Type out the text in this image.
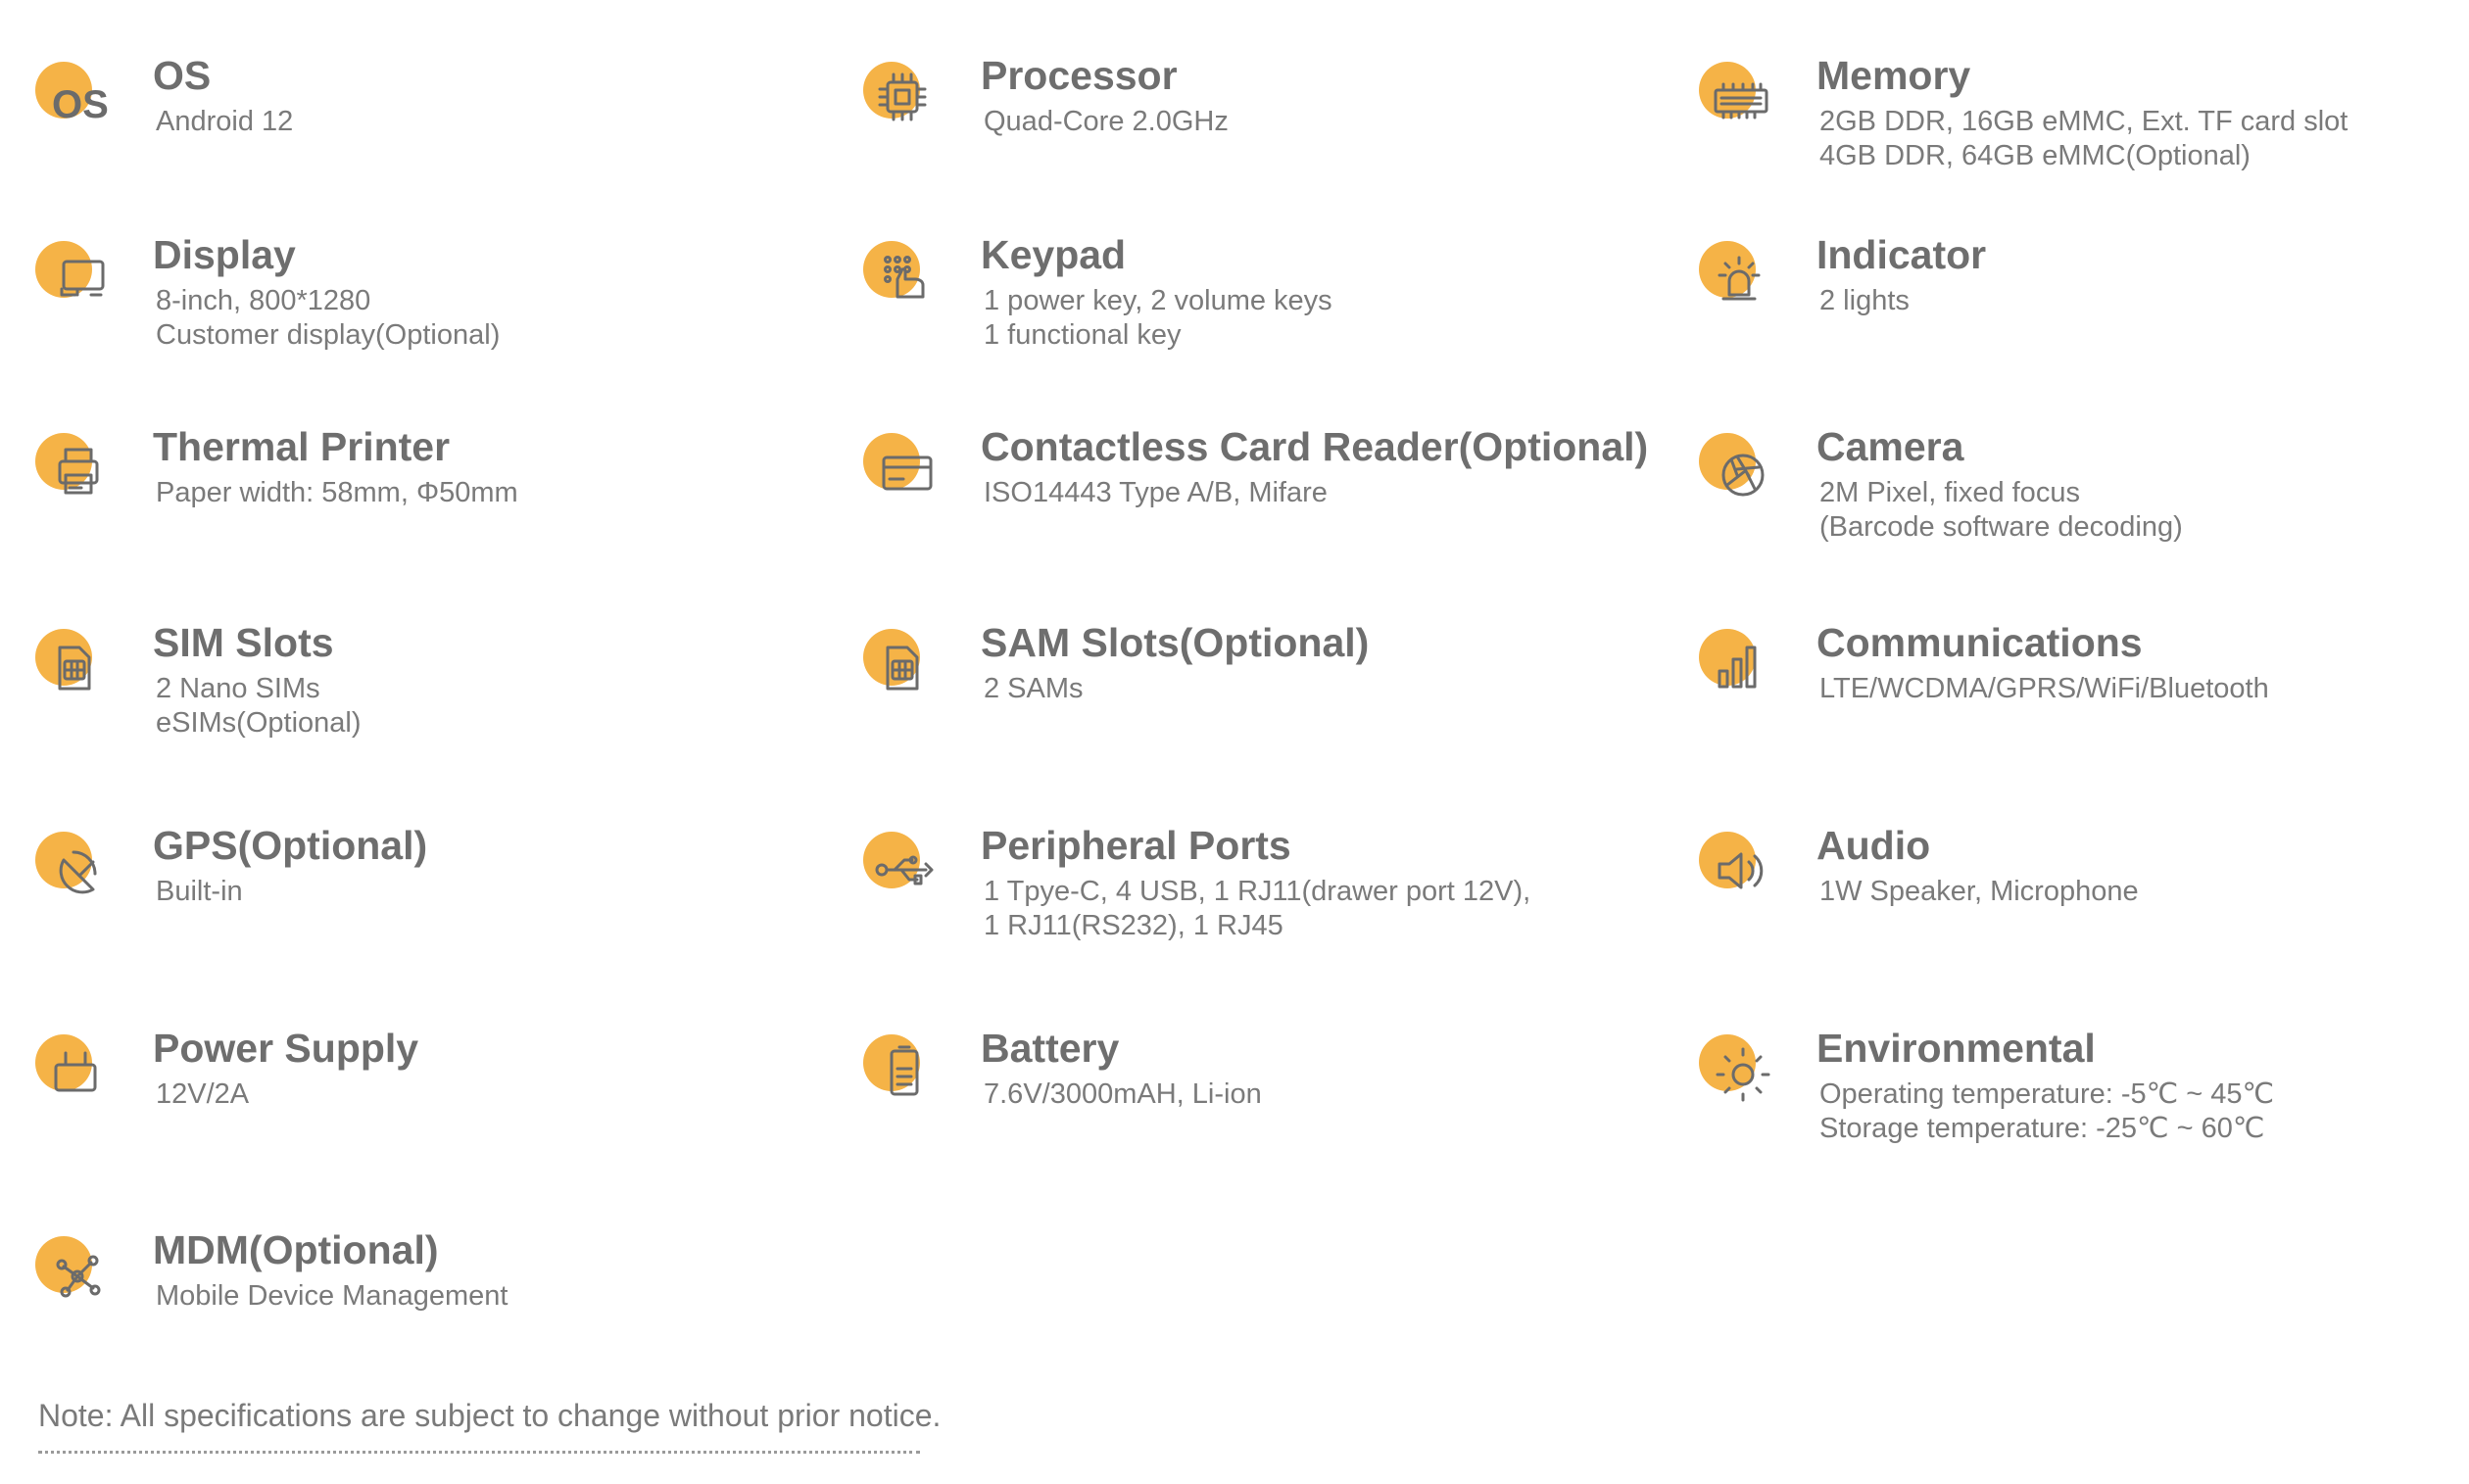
OS
OS
Android 12
Processor
Quad-Core 2.0GHz
Memory
2GB DDR, 16GB eMMC, Ext. TF card slot
4GB DDR, 64GB eMMC(Optional)
Display
8-inch, 800*1280
Customer display(Optional)
Keypad
1 power key, 2 volume keys
1 functional key
Indicator
2 lights
Thermal Printer
Paper width: 58mm, Φ50mm
Contactless Card Reader(Optional)
ISO14443 Type A/B, Mifare
Camera
2M Pixel, fixed focus
(Barcode software decoding)
SIM Slots
2 Nano SIMs
eSIMs(Optional)
SAM Slots(Optional)
2 SAMs
Communications
LTE/WCDMA/GPRS/WiFi/Bluetooth
GPS(Optional)
Built-in
Peripheral Ports
1 Tpye-C, 4 USB, 1 RJ11(drawer port 12V),
1 RJ11(RS232), 1 RJ45
Audio
1W Speaker, Microphone
Power Supply
12V/2A
Battery
7.6V/3000mAH, Li-ion
Environmental
Operating temperature: -5℃ ~ 45℃
Storage temperature: -25℃ ~ 60℃
MDM(Optional)
Mobile Device Management
Note: All specifications are subject to change without prior notice.
